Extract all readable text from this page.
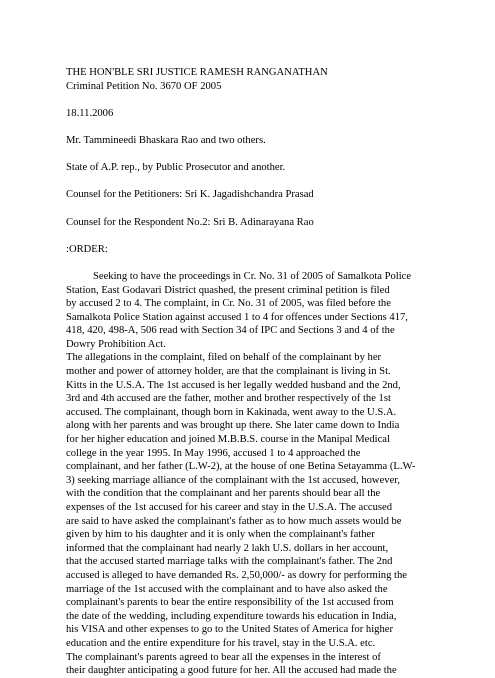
THE HON'BLE SRI JUSTICE RAMESH RANGANATHAN
Criminal Petition No. 3670 OF 2005
18.11.2006
Mr. Tammineedi Bhaskara Rao and two others.
State of A.P. rep., by Public Prosecutor and another.
Counsel for the Petitioners: Sri K. Jagadishchandra Prasad
Counsel for the Respondent No.2: Sri B. Adinarayana Rao
:ORDER:
Seeking to have the proceedings in Cr. No. 31 of 2005 of Samalkota Police
Station, East Godavari District quashed, the present criminal petition is filed
by accused 2 to 4. The complaint, in Cr. No. 31 of 2005, was filed before the
Samalkota Police Station against accused 1 to 4 for offences under Sections 417,
418, 420, 498-A, 506 read with Section 34 of IPC and Sections 3 and 4 of the
Dowry Prohibition Act.
The allegations in the complaint, filed on behalf of the complainant by her
mother and power of attorney holder, are that the complainant is living in St.
Kitts in the U.S.A. The 1st accused is her legally wedded husband and the 2nd,
3rd and 4th accused are the father, mother and brother respectively of the 1st
accused. The complainant, though born in Kakinada, went away to the U.S.A.
along with her parents and was brought up there. She later came down to India
for her higher education and joined M.B.B.S. course in the Manipal Medical
college in the year 1995. In May 1996, accused 1 to 4 approached the
complainant, and her father (L.W-2), at the house of one Betina Setayamma (L.W-
3) seeking marriage alliance of the complainant with the 1st accused, however,
with the condition that the complainant and her parents should bear all the
expenses of the 1st accused for his career and stay in the U.S.A. The accused
are said to have asked the complainant's father as to how much assets would be
given by him to his daughter and it is only when the complainant's father
informed that the complainant had nearly 2 lakh U.S. dollars in her account,
that the accused started marriage talks with the complainant's father. The 2nd
accused is alleged to have demanded Rs. 2,50,000/- as dowry for performing the
marriage of the 1st accused with the complainant and to have also asked the
complainant's parents to bear the entire responsibility of the 1st accused from
the date of the wedding, including expenditure towards his education in India,
his VISA and other expenses to go to the United States of America for higher
education and the entire expenditure for his travel, stay in the U.S.A. etc.
The complainant's parents agreed to bear all the expenses in the interest of
their daughter anticipating a good future for her. All the accused had made the
